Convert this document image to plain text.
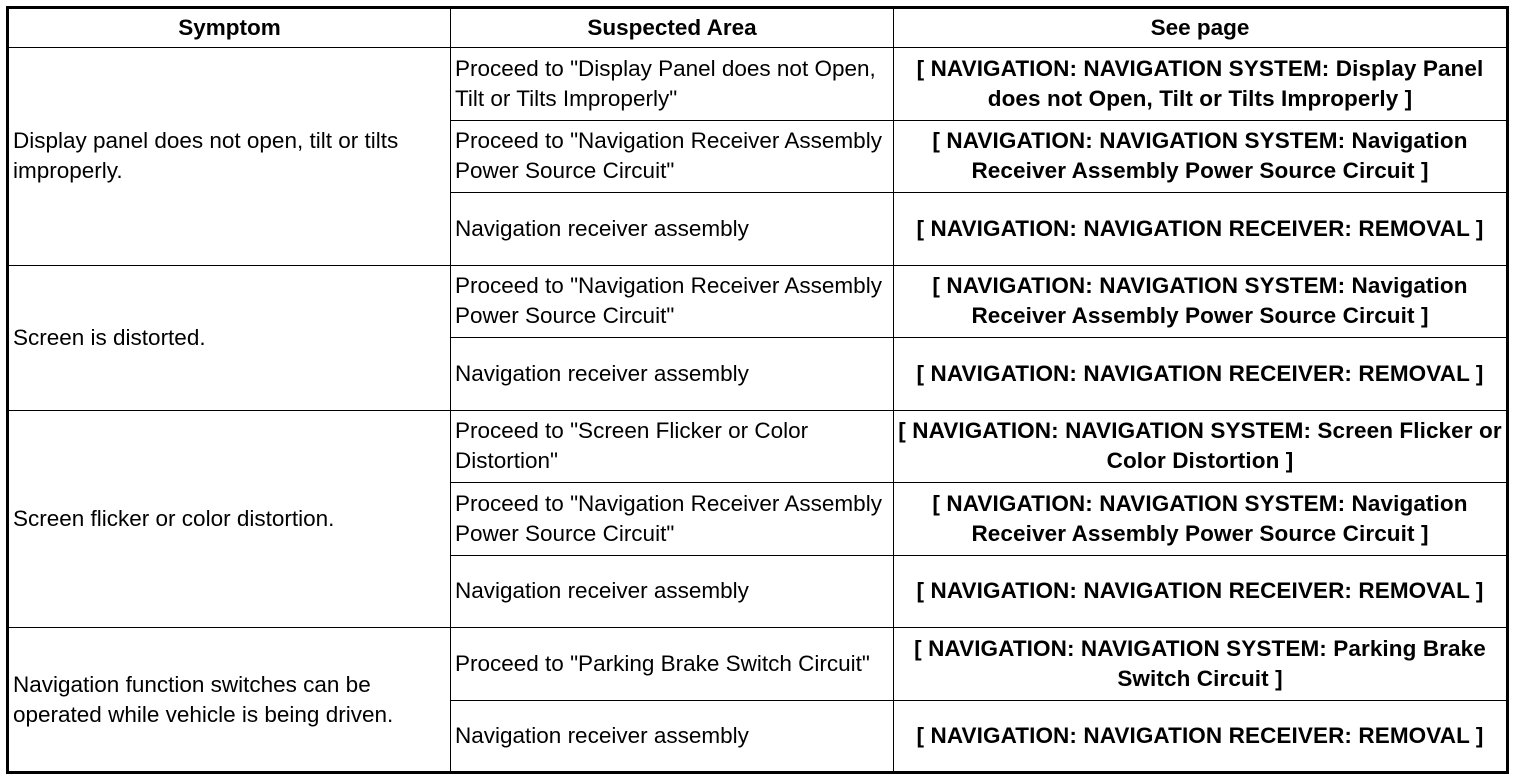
Symptom	Suspected Area	See page
Display panel does not open, tilt or tilts improperly.	Proceed to "Display Panel does not Open, Tilt or Tilts Improperly"	[ NAVIGATION: NAVIGATION SYSTEM: Display Panel does not Open, Tilt or Tilts Improperly ]
	Proceed to "Navigation Receiver Assembly Power Source Circuit"	[ NAVIGATION: NAVIGATION SYSTEM: Navigation Receiver Assembly Power Source Circuit ]
	Navigation receiver assembly	[ NAVIGATION: NAVIGATION RECEIVER: REMOVAL ]
Screen is distorted.	Proceed to "Navigation Receiver Assembly Power Source Circuit"	[ NAVIGATION: NAVIGATION SYSTEM: Navigation Receiver Assembly Power Source Circuit ]
	Navigation receiver assembly	[ NAVIGATION: NAVIGATION RECEIVER: REMOVAL ]
Screen flicker or color distortion.	Proceed to "Screen Flicker or Color Distortion"	[ NAVIGATION: NAVIGATION SYSTEM: Screen Flicker or Color Distortion ]
	Proceed to "Navigation Receiver Assembly Power Source Circuit"	[ NAVIGATION: NAVIGATION SYSTEM: Navigation Receiver Assembly Power Source Circuit ]
	Navigation receiver assembly	[ NAVIGATION: NAVIGATION RECEIVER: REMOVAL ]
Navigation function switches can be operated while vehicle is being driven.	Proceed to "Parking Brake Switch Circuit"	[ NAVIGATION: NAVIGATION SYSTEM: Parking Brake Switch Circuit ]
	Navigation receiver assembly	[ NAVIGATION: NAVIGATION RECEIVER: REMOVAL ]
